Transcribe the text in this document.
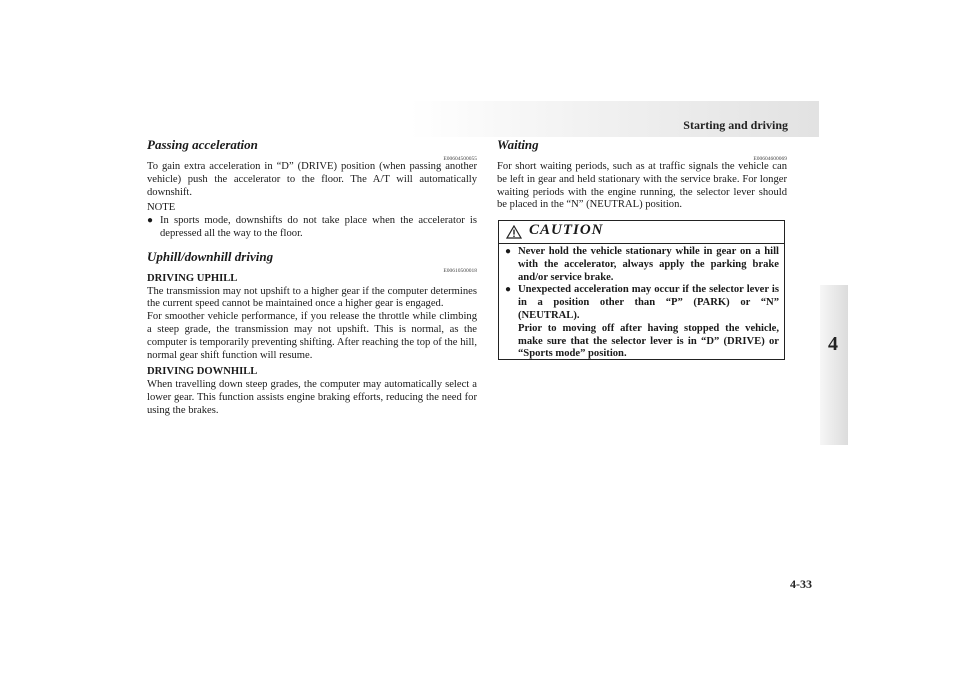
Starting and driving
4
4-33
Passing acceleration
E00604500055

To gain extra acceleration in “D” (DRIVE) position (when passing another vehicle) push the accelerator to the floor. The A/T will automatically downshift.

NOTE
● In sports mode, downshifts do not take place when the accelerator is depressed all the way to the floor.
Uphill/downhill driving
E00610500018
DRIVING UPHILL

The transmission may not upshift to a higher gear if the computer determines the current speed cannot be maintained once a higher gear is engaged.

For smoother vehicle performance, if you release the throttle while climbing a steep grade, the transmission may not upshift. This is normal, as the computer is temporarily preventing shifting. After reaching the top of the hill, normal gear shift function will resume.

DRIVING DOWNHILL

When travelling down steep grades, the computer may automatically select a lower gear. This function assists engine braking efforts, reducing the need for using the brakes.

Waiting
E00604600069

For short waiting periods, such as at traffic signals the vehicle can be left in gear and held stationary with the service brake. For longer waiting periods with the engine running, the selector lever should be placed in the “N” (NEUTRAL) position.

CAUTION
● Never hold the vehicle stationary while in gear on a hill with the accelerator, always apply the parking brake and/or service brake.
● Unexpected acceleration may occur if the selector lever is in a position other than “P” (PARK) or “N” (NEUTRAL).
Prior to moving off after having stopped the vehicle, make sure that the selector lever is in “D” (DRIVE) or “Sports mode” position.
